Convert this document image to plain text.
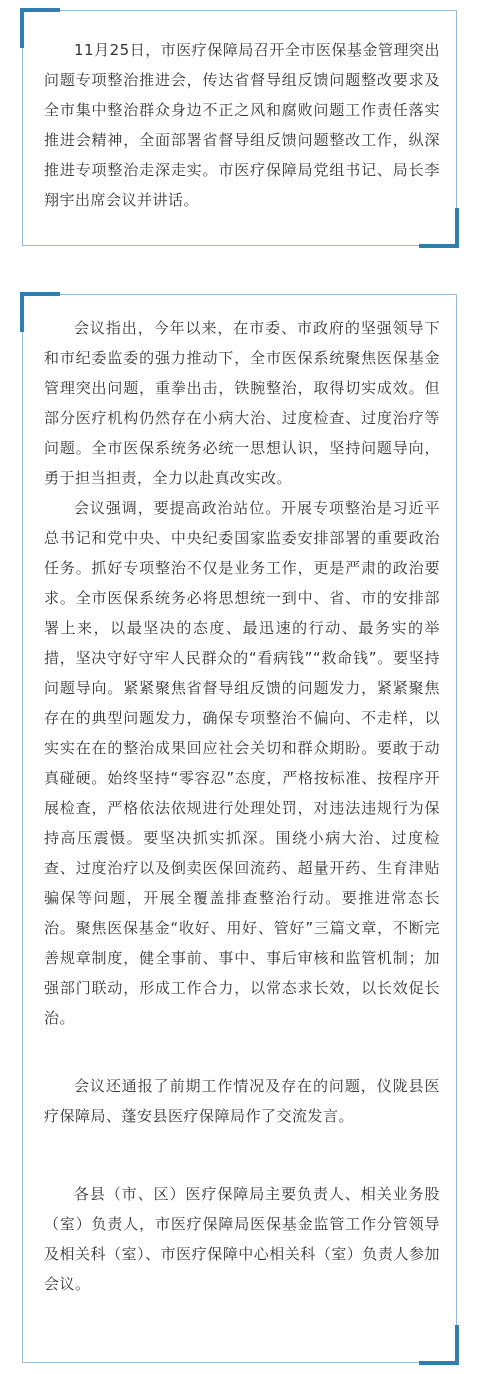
11月25日，市医疗保障局召开全市医保基金管理突出问题专项整治推进会，传达省督导组反馈问题整改要求及全市集中整治群众身边不正之风和腐败问题工作责任落实推进会精神，全面部署省督导组反馈问题整改工作，纵深推进专项整治走深走实。市医疗保障局党组书记、局长李翔宇出席会议并讲话。

会议指出，今年以来，在市委、市政府的坚强领导下和市纪委监委的强力推动下，全市医保系统聚焦医保基金管理突出问题，重拳出击，铁腕整治，取得切实成效。但部分医疗机构仍然存在小病大治、过度检查、过度治疗等问题。全市医保系统务必统一思想认识，坚持问题导向，勇于担当担责，全力以赴真改实改。

会议强调，要提高政治站位。开展专项整治是习近平总书记和党中央、中央纪委国家监委安排部署的重要政治任务。抓好专项整治不仅是业务工作，更是严肃的政治要求。全市医保系统务必将思想统一到中、省、市的安排部署上来，以最坚决的态度、最迅速的行动、最务实的举措，坚决守好守牢人民群众的“看病钱”“救命钱”。要坚持问题导向。紧紧聚焦省督导组反馈的问题发力，紧紧聚焦存在的典型问题发力，确保专项整治不偏向、不走样，以实实在在的整治成果回应社会关切和群众期盼。要敢于动真碰硬。始终坚持“零容忍”态度，严格按标准、按程序开展检查，严格依法依规进行处理处罚，对违法违规行为保持高压震慑。要坚决抓实抓深。围绕小病大治、过度检查、过度治疗以及倒卖医保回流药、超量开药、生育津贴骗保等问题，开展全覆盖排查整治行动。要推进常态长治。聚焦医保基金“收好、用好、管好”三篇文章，不断完善规章制度，健全事前、事中、事后审核和监管机制；加强部门联动，形成工作合力，以常态求长效，以长效促长治。

会议还通报了前期工作情况及存在的问题，仪陇县医疗保障局、蓬安县医疗保障局作了交流发言。

各县（市、区）医疗保障局主要负责人、相关业务股（室）负责人，市医疗保障局医保基金监管工作分管领导及相关科（室）、市医疗保障中心相关科（室）负责人参加会议。
